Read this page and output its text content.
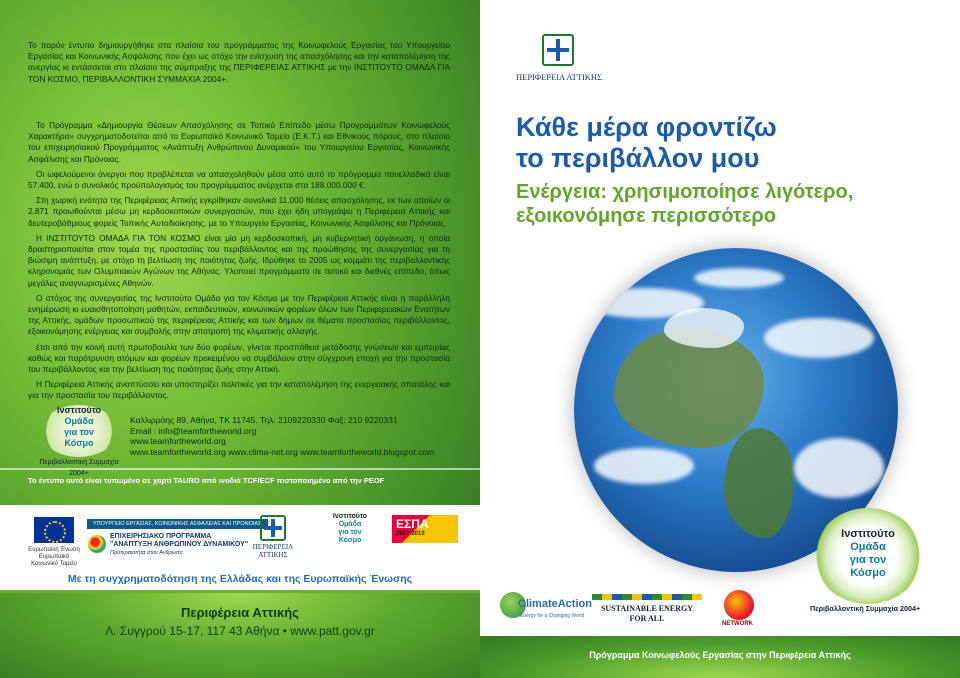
Το παρόν έντυπο δημιουργήθηκε στα πλαίσια του προγράμματος της Κοινωφελούς Εργασίας του Υπουργείου Εργασίας και Κοινωνικής Ασφάλισης που έχει ως στόχο την ενίσχυση της απασχόλησης και την καταπολέμηση της ανεργίας κι εντάσσεται στο πλαίσιο της σύμπραξης της ΠΕΡΙΦΕΡΕΙΑΣ ΑΤΤΙΚΗΣ με την ΙΝΣΤΙΤΟΥΤΟ ΟΜΑΔΑ ΓΙΑ ΤΟΝ ΚΟΣΜΟ, ΠΕΡΙΒΑΛΛΟΝΤΙΚΗ ΣΥΜΜΑΧΙΑ 2004+.

Το Πρόγραμμα «Δημιουργία Θέσεων Απασχόλησης σε Τοπικό Επίπεδο μέσω Προγραμμάτων Κοινωφελούς Χαρακτήρα» συγχρηματοδοτείται από το Ευρωπαϊκό Κοινωνικό Ταμείο (Ε.Κ.Τ.) και Εθνικούς πόρους, στο πλαίσιο του επιχειρησιακού Προγράμματος «Ανάπτυξη Ανθρώπινου Δυναμικού» του Υπουργείου Εργασίας, Κοινωνικής Ασφάλισης και Πρόνοιας.

Οι ωφελούμενοι άνεργοι που προβλέπεται να απασχοληθούν μέσα από αυτό το πρόγραμμα πανελλαδικά είναι 57.400, ενώ ο συνολικός προϋπολογισμός του προγράμματος ανέρχεται στα 188.000.000 €.

Στη χωρική ενότητα της Περιφέρειας Αττικής εγκρίθηκαν συνολικά 11.000 θέσεις απασχόλησης, εκ των οποίων οι 2.871 προωθούνται μέσω μη κερδοσκοπικών συνεργασιών, που έχει ήδη υπογράψει η Περιφέρεια Αττικής και δευτεροβάθμιους φορείς Τοπικής Αυτοδιοίκησης, με το Υπουργείο Εργασίας, Κοινωνικής Ασφάλισης και Πρόνοιας.

Η ΙΝΣΤΙΤΟΥΤΟ ΟΜΑΔΑ ΓΙΑ ΤΟΝ ΚΟΣΜΟ είναι μία μη κερδοσκοπική, μη κυβερνητική οργάνωση, η οποία δραστηριοποιείται στον τομέα της προστασίας του περιβάλλοντος και της προώθησης της συνεργασίας για τη βιώσιμη ανάπτυξη, με στόχο τη βελτίωση της ποιότητας ζωής. Ιδρύθηκε το 2005 ως κομμάτι της περιβαλλοντικής κληρονομιάς των Ολυμπιακών Αγώνων της Αθήνας. Υλοποιεί προγράμματα σε τοπικό και διεθνές επίπεδο, όπως μεγάλες αναγνωρισμένες Αθηνών.

Ο στόχος της συνεργασίας της Ινστιτούτο Ομάδα για τον Κόσμο με την Περιφέρεια Αττικής είναι η παράλληλη ενημέρωση κι ευαισθητοποίηση μαθητών, εκπαιδευτικών, κοινωνικών φορέων όλων των Περιφερειακών Ενοτήτων της Αττικής, ομάδων προσωπικού της περιφέρειας Αττικής και των δήμων σε θέματα προστασίας περιβάλλοντος, εξοικονόμησης ενέργειας και συμβολής στην αποτροπή της κλιματικής αλλαγής.

έτσι από την κοινή αυτή πρωτοβουλία των δύο φορέων, γίνεται προσπάθεια μετάδοσης γνώσεων και εμπειρίας καθώς και παρότρυνση ατόμων και φορέων προκειμένου να συμβάλουν στην σύγχρονη εποχή για την προστασία του περιβάλλοντος και την βελτίωση της ποιότητας ζωής στην Αττική.

Η Περιφέρεια Αττικής αναπτύσσει και υποστηρίζει πολιτικές για την καταπολέμηση της ενεργειακής σπατάλης και για την προστασία του περιβάλλοντος.

Ινστιτούτο
Ομάδα
για τον
Κόσμο
Περιβαλλοντική Συμμαχία 2004+
Καλλιρρόης 89, Αθήνα, ΤΚ 11745. Τηλ: 2109220330 Φαξ: 210 9220331
Email : info@teamfortheworld.org
www.teamfortheworld.org
www.teamfortheworld.org www.clima-net.org www.teamfortheworld.blogspot.com
Το έντυπο αυτό είναι τυπωμένο σε χαρτί TAURO από ινοδιά TCF/ECF πιστοποιημένο από την PEOF
Ευρωπαϊκή Ένωση Ευρωπαϊκό Κοινωνικό Ταμείο
ΥΠΟΥΡΓΕΙΟ ΕΡΓΑΣΙΑΣ, ΚΟΙΝΩΝΙΚΗΣ ΑΣΦΑΛΕΙΑΣ ΚΑΙ ΠΡΟΝΟΙΑΣ
ΕΠΙΧΕΙΡΗΣΙΑΚΟ ΠΡΟΓΡΑΜΜΑ
"ΑΝΑΠΤΥΞΗ ΑΝΘΡΩΠΙΝΟΥ ΔΥΝΑΜΙΚΟΥ"
Προτεραιότητα στον Άνθρωπο
ΠΕΡΙΦΕΡΕΙΑ ΑΤΤΙΚΗΣ
Ινστιτούτο
Ομάδα
για τον
Κόσμο
ΕΣΠΑ
2007-2013
Με τη συγχρηματοδότηση της Ελλάδας και της Ευρωπαϊκής Ένωσης
Περιφέρεια Αττικής
Λ. Συγγρού 15-17, 117 43 Αθήνα • www.patt.gov.gr
ΠΕΡΙΦΕΡΕΙΑ ΑΤΤΙΚΗΣ
Κάθε μέρα φροντίζω
το περιβάλλον μου
Ενέργεια: χρησιμοποίησε λιγότερο,
εξοικονόμησε περισσότερο
Ινστιτούτο
Ομάδα
για τον
Κόσμο
Περιβαλλοντική Συμμαχία 2004+
ClimateAction
Energy for a Changing World
SUSTAINABLE ENERGY
FOR ALL
NETWORK
Πρόγραμμα Κοινωφελούς Εργασίας στην Περιφέρεια Αττικής
